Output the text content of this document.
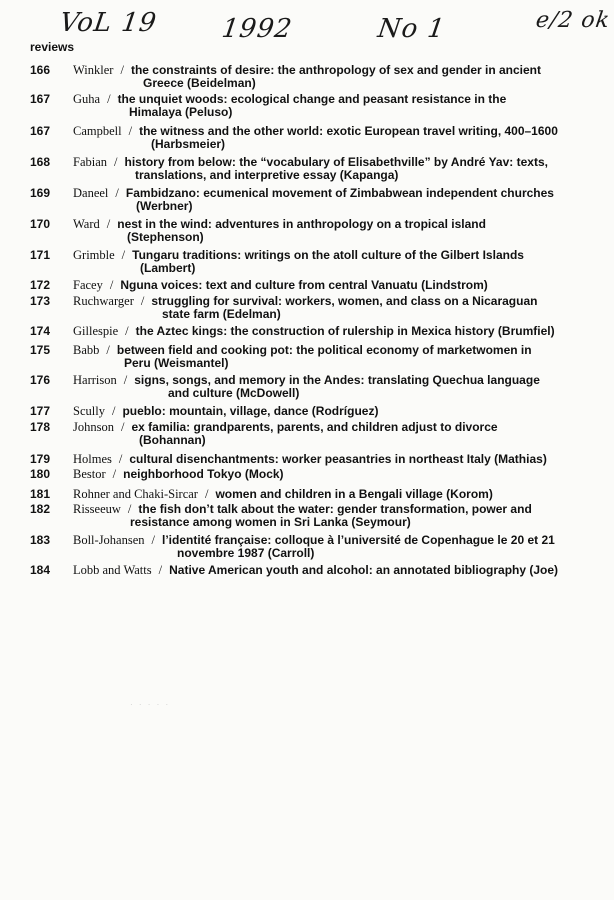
VoL 19 1992	No 1	e/2 ok
reviews
166 Winkler / the constraints of desire: the anthropology of sex and gender in ancient
Greece (Beidelman)
167 Guha / the unquiet woods: ecological change and peasant resistance in the
Himalaya (Peluso)
167 Campbell / the witness and the other world: exotic European travel writing, 400–1600
(Harbsmeier)
168 Fabian / history from below: the “vocabulary of Elisabethville” by André Yav: texts,
translations, and interpretive essay (Kapanga)
169 Daneel / Fambidzano: ecumenical movement of Zimbabwean independent churches
(Werbner)
170 Ward / nest in the wind: adventures in anthropology on a tropical island
(Stephenson)
171 Grimble / Tungaru traditions: writings on the atoll culture of the Gilbert Islands
(Lambert)
172 Facey / Nguna voices: text and culture from central Vanuatu (Lindstrom)
173 Ruchwarger / struggling for survival: workers, women, and class on a Nicaraguan
state farm (Edelman)
174 Gillespie / the Aztec kings: the construction of rulership in Mexica history (Brumfiel)
175 Babb / between field and cooking pot: the political economy of marketwomen in
Peru (Weismantel)
176 Harrison / signs, songs, and memory in the Andes: translating Quechua language
and culture (McDowell)
177 Scully / pueblo: mountain, village, dance (Rodríguez)
178 Johnson / ex familia: grandparents, parents, and children adjust to divorce
(Bohannan)
179 Holmes / cultural disenchantments: worker peasantries in northeast Italy (Mathias)
180 Bestor / neighborhood Tokyo (Mock)
181 Rohner and Chaki-Sircar / women and children in a Bengali village (Korom)
182 Risseeuw / the fish don’t talk about the water: gender transformation, power and
resistance among women in Sri Lanka (Seymour)
183 Boll-Johansen / l’identité française: colloque à l’université de Copenhague le 20 et 21
novembre 1987 (Carroll)
184 Lobb and Watts / Native American youth and alcohol: an annotated bibliography (Joe)
· · · · ·
